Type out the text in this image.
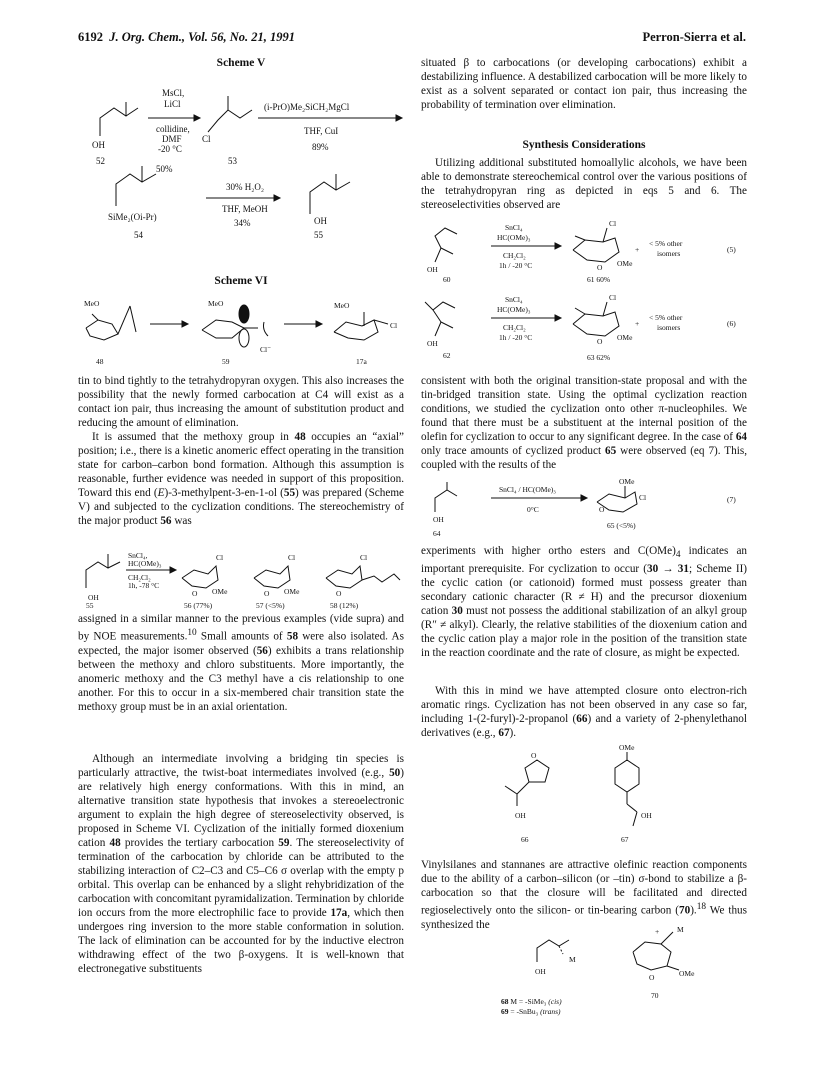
6192 J. Org. Chem., Vol. 56, No. 21, 1991	Perron-Sierra et al.
Scheme V
OH
52
MsCl,
LiCl
collidine,
DMF
-20 °C
50%
Cl
53
(i-PrO)Me₂SiCH₂MgCl
THF, CuI
89%
SiMe₂(Oi-Pr)
54
30% H₂O₂
THF, MeOH
34%	OH
55
Scheme VI
MeO	MeO	MeO
Cl⁻
Cl
48	59	17a
tin to bind tightly to the tetrahydropyran oxygen. This also increases the possibility that the newly formed carbocation at C4 will exist as a contact ion pair, thus increasing the amount of substitution product and reducing the amount of elimination.
It is assumed that the methoxy group in 48 occupies an “axial” position; i.e., there is a kinetic anomeric effect operating in the transition state for carbon–carbon bond formation. Although this assumption is reasonable, further evidence was needed in support of this proposition. Toward this end (E)-3-methylpent-3-en-1-ol (55) was prepared (Scheme V) and subjected to the cyclization conditions. The stereochemistry of the major product 56 was
SnCl₄,
HC(OMe)₃
CH₂Cl₂
1h, -78 °C
OH
55
Cl	Cl	Cl
O	O	O
OMe	OMe
56 (77%)	57 (<5%)	58 (12%)
assigned in a similar manner to the previous examples (vide supra) and by NOE measurements.$^{10}$ Small amounts of 58 were also isolated. As expected, the major isomer observed (56) exhibits a trans relationship between the methoxy and chloro substituents. More importantly, the anomeric methoxy and the C3 methyl have a cis relationship to one another. For this to occur in a six-membered chair transition state the methoxy group must be in an axial orientation.
Although an intermediate involving a bridging tin species is particularly attractive, the twist-boat intermediates involved (e.g., 50) are relatively high energy conformations. With this in mind, an alternative transition state hypothesis that invokes a stereoelectronic argument to explain the high degree of stereoselectivity observed, is proposed in Scheme VI. Cyclization of the initially formed dioxenium cation 48 provides the tertiary carbocation 59. The stereoselectivity of termination of the carbocation by chloride can be attributed to the stabilizing interaction of C2–C3 and C5–C6 σ overlap with the empty p orbital. This overlap can be enhanced by a slight rehybridization of the carbocation with concomitant pyramidalization. Termination by chloride ion occurs from the more electrophilic face to provide 17a, which then undergoes ring inversion to the more stable conformation in solution. The lack of elimination can be accounted for by the inductive electron withdrawing effect of the two β-oxygens. It is well-known that electronegative substituents
situated β to carbocations (or developing carbocations) exhibit a destabilizing influence. A destabilized carbocation will be more likely to exist as a solvent separated or contact ion pair, thus increasing the probability of termination over elimination.
Synthesis Considerations
Utilizing additional substituted homoallylic alcohols, we have been able to demonstrate stereochemical control over the various positions of the tetrahydropyran ring as depicted in eqs 5 and 6. The stereoselectivities observed are
OH
60
SnCl₄
HC(OMe)₃
CH₂Cl₂
1h / -20 °C
Cl
O OMe
+
< 5% other
isomers	(5)
61 60%
OH
62
SnCl₄
HC(OMe)₃
CH₂Cl₂
1h / -20 °C
Cl
O OMe
+
< 5% other
isomers	(6)
63 62%
consistent with both the original transition-state proposal and with the tin-bridged transition state. Using the optimal cyclization reaction conditions, we studied the cyclization onto other π-nucleophiles. We found that there must be a substituent at the internal position of the olefin for cyclization to occur to any significant degree. In the case of 64 only trace amounts of cyclized product 65 were observed (eq 7). This, coupled with the results of the
OH
64
SnCl₄ / HC(OMe)₃
0°C
OMe
Cl
O
65 (<5%)
(7)
experiments with higher ortho esters and $C(OMe)_4$ indicates an important prerequisite. For cyclization to occur (30 → 31; Scheme II) the cyclic cation (or cationoid) formed must possess greater than secondary cationic character (R ≠ H) and the precursor dioxenium cation 30 must not possess the additional stabilization of an alkyl group (R″ ≠ alkyl). Clearly, the relative stabilities of the dioxenium cation and the cyclic cation play a major role in the position of the transition state in the reaction coordinate and the rate of closure, as might be expected.
With this in mind we have attempted closure onto electron-rich aromatic rings. Cyclization has not been observed in any case so far, including 1-(2-furyl)-2-propanol (66) and a variety of 2-phenylethanol derivatives (e.g., 67).
O
OH
66
OMe
OH
67
Vinylsilanes and stannanes are attractive olefinic reaction components due to the ability of a carbon–silicon (or –tin) σ-bond to stabilize a β-carbocation so that the closure will be facilitated and directed regioselectively onto the silicon- or tin-bearing carbon (70).$^{18}$ We thus synthesized the
M
OH
+ M
O	OMe
70
68 M = -SiMe₃ (cis)
69 = -SnBu₃ (trans)
